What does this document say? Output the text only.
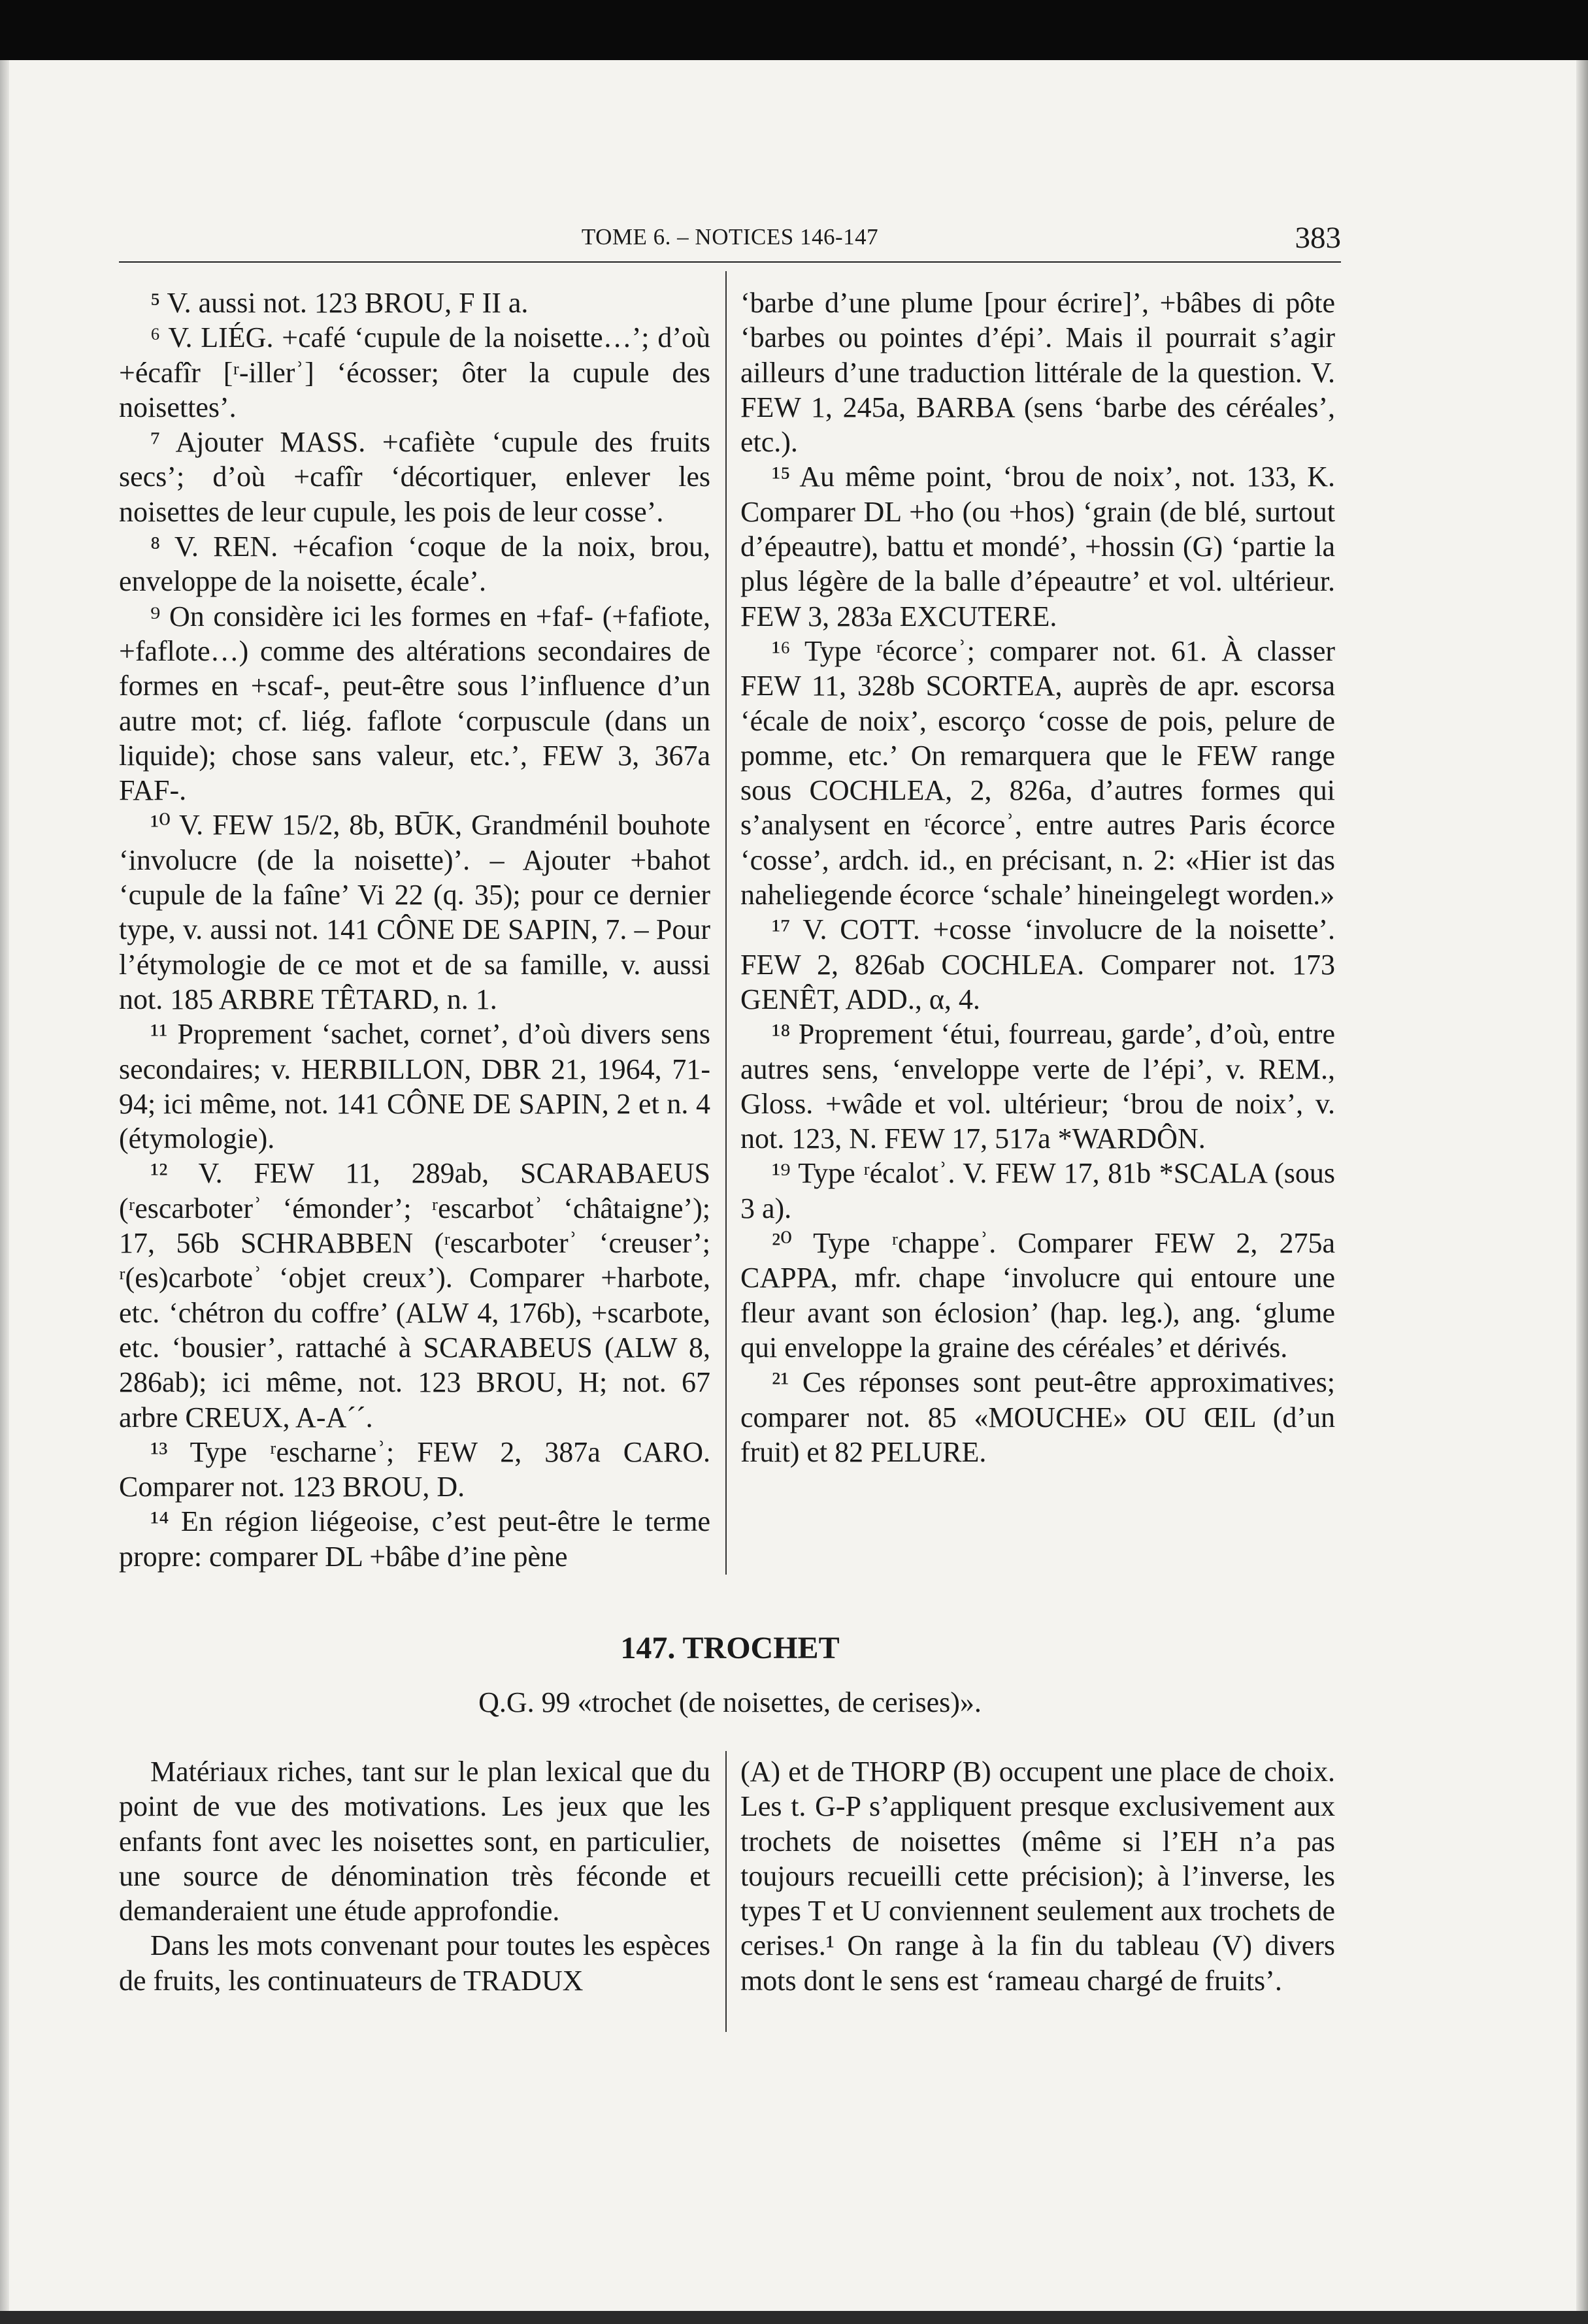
TOME 6. – NOTICES 146-147	383

⁵ V. aussi not. 123 BROU, F II a.

⁶ V. LIÉG. +café ‘cupule de la noisette…’; d’où +écafîr [ʳ-illerʾ] ‘écosser; ôter la cupule des noisettes’.

⁷ Ajouter MASS. +cafiète ‘cupule des fruits secs’; d’où +cafîr ‘décortiquer, enlever les noisettes de leur cupule, les pois de leur cosse’.

⁸ V. REN. +écafion ‘coque de la noix, brou, enveloppe de la noisette, écale’.

⁹ On considère ici les formes en +faf- (+fafiote, +faflote…) comme des altérations secondaires de formes en +scaf-, peut-être sous l’influence d’un autre mot; cf. liég. faflote ‘corpuscule (dans un liquide); chose sans valeur, etc.’, FEW 3, 367a FAF-.

¹⁰ V. FEW 15/2, 8b, BŪK, Grandménil bouhote ‘involucre (de la noisette)’. – Ajouter +bahot ‘cupule de la faîne’ Vi 22 (q. 35); pour ce dernier type, v. aussi not. 141 CÔNE DE SAPIN, 7. – Pour l’étymologie de ce mot et de sa famille, v. aussi not. 185 ARBRE TÊTARD, n. 1.

¹¹ Proprement ‘sachet, cornet’, d’où divers sens secondaires; v. HERBILLON, DBR 21, 1964, 71-94; ici même, not. 141 CÔNE DE SAPIN, 2 et n. 4 (étymologie).

¹² V. FEW 11, 289ab, SCARABAEUS (ʳescarboterʾ ‘émonder’; ʳescarbotʾ ‘châtaigne’); 17, 56b SCHRABBEN (ʳescarboterʾ ‘creuser’; ʳ(es)carboteʾ ‘objet creux’). Comparer +harbote, etc. ‘chétron du coffre’ (ALW 4, 176b), +scarbote, etc. ‘bousier’, rattaché à SCARABEUS (ALW 8, 286ab); ici même, not. 123 BROU, H; not. 67 arbre CREUX, A-A´´.

¹³ Type ʳescharneʾ; FEW 2, 387a CARO. Comparer not. 123 BROU, D.

¹⁴ En région liégeoise, c’est peut-être le terme propre: comparer DL +bâbe d’ine pène

‘barbe d’une plume [pour écrire]’, +bâbes di pôte ‘barbes ou pointes d’épi’. Mais il pourrait s’agir ailleurs d’une traduction littérale de la question. V. FEW 1, 245a, BARBA (sens ‘barbe des céréales’, etc.).

¹⁵ Au même point, ‘brou de noix’, not. 133, K. Comparer DL +ho (ou +hos) ‘grain (de blé, surtout d’épeautre), battu et mondé’, +hossin (G) ‘partie la plus légère de la balle d’épeautre’ et vol. ultérieur. FEW 3, 283a EXCUTERE.

¹⁶ Type ʳécorceʾ; comparer not. 61. À classer FEW 11, 328b SCORTEA, auprès de apr. escorsa ‘écale de noix’, escorço ‘cosse de pois, pelure de pomme, etc.’ On remarquera que le FEW range sous COCHLEA, 2, 826a, d’autres formes qui s’analysent en ʳécorceʾ, entre autres Paris écorce ‘cosse’, ardch. id., en précisant, n. 2: «Hier ist das naheliegende écorce ‘schale’ hineingelegt worden.»

¹⁷ V. COTT. +cosse ‘involucre de la noisette’. FEW 2, 826ab COCHLEA. Comparer not. 173 GENÊT, ADD., α, 4.

¹⁸ Proprement ‘étui, fourreau, garde’, d’où, entre autres sens, ‘enveloppe verte de l’épi’, v. REM., Gloss. +wâde et vol. ultérieur; ‘brou de noix’, v. not. 123, N. FEW 17, 517a *WARDÔN.

¹⁹ Type ʳécalotʾ. V. FEW 17, 81b *SCALA (sous 3 a).

²⁰ Type ʳchappeʾ. Comparer FEW 2, 275a CAPPA, mfr. chape ‘involucre qui entoure une fleur avant son éclosion’ (hap. leg.), ang. ‘glume qui enveloppe la graine des céréales’ et dérivés.

²¹ Ces réponses sont peut-être approximatives; comparer not. 85 «MOUCHE» OU ŒIL (d’un fruit) et 82 PELURE.

147. TROCHET
Q.G. 99 «trochet (de noisettes, de cerises)».

Matériaux riches, tant sur le plan lexical que du point de vue des motivations. Les jeux que les enfants font avec les noisettes sont, en particulier, une source de dénomination très féconde et demanderaient une étude approfondie.

Dans les mots convenant pour toutes les espèces de fruits, les continuateurs de TRADUX

(A) et de THORP (B) occupent une place de choix. Les t. G-P s’appliquent presque exclusivement aux trochets de noisettes (même si l’EH n’a pas toujours recueilli cette précision); à l’inverse, les types T et U conviennent seulement aux trochets de cerises.¹ On range à la fin du tableau (V) divers mots dont le sens est ‘rameau chargé de fruits’.
